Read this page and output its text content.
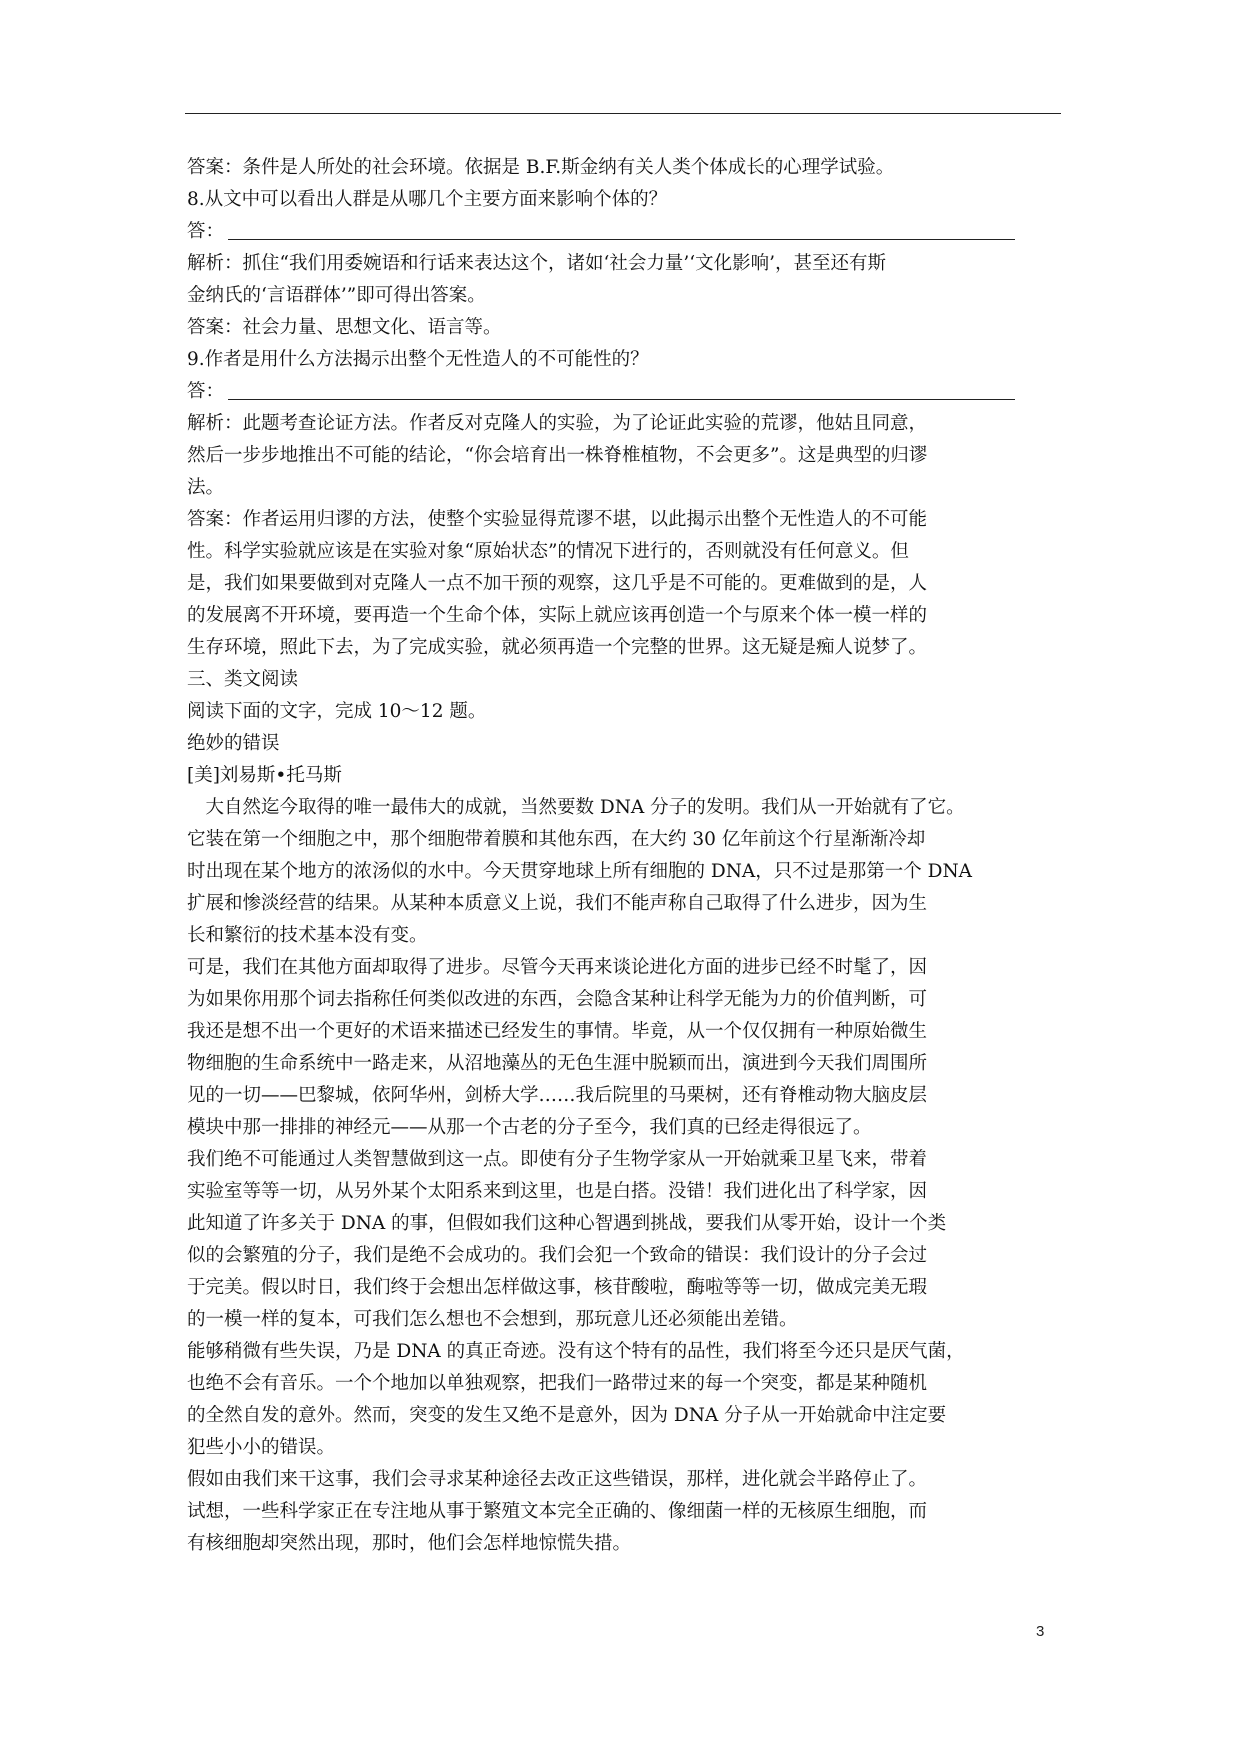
答案：条件是人所处的社会环境。依据是 B.F.斯金纳有关人类个体成长的心理学试验。
8.从文中可以看出人群是从哪几个主要方面来影响个体的？
答：
解析：抓住“我们用委婉语和行话来表达这个，诸如‘社会力量’‘文化影响’，甚至还有斯
金纳氏的‘言语群体’”即可得出答案。
答案：社会力量、思想文化、语言等。
9.作者是用什么方法揭示出整个无性造人的不可能性的？
答：
解析：此题考查论证方法。作者反对克隆人的实验，为了论证此实验的荒谬，他姑且同意，
然后一步步地推出不可能的结论，“你会培育出一株脊椎植物，不会更多”。这是典型的归谬
法。
答案：作者运用归谬的方法，使整个实验显得荒谬不堪，以此揭示出整个无性造人的不可能
性。科学实验就应该是在实验对象“原始状态”的情况下进行的，否则就没有任何意义。但
是，我们如果要做到对克隆人一点不加干预的观察，这几乎是不可能的。更难做到的是，人
的发展离不开环境，要再造一个生命个体，实际上就应该再创造一个与原来个体一模一样的
生存环境，照此下去，为了完成实验，就必须再造一个完整的世界。这无疑是痴人说梦了。
三、类文阅读
阅读下面的文字，完成 10～12 题。
绝妙的错误
[美]刘易斯•托马斯
　大自然迄今取得的唯一最伟大的成就，当然要数 DNA 分子的发明。我们从一开始就有了它。
它装在第一个细胞之中，那个细胞带着膜和其他东西，在大约 30 亿年前这个行星渐渐冷却
时出现在某个地方的浓汤似的水中。今天贯穿地球上所有细胞的 DNA，只不过是那第一个 DNA
扩展和惨淡经营的结果。从某种本质意义上说，我们不能声称自己取得了什么进步，因为生
长和繁衍的技术基本没有变。
可是，我们在其他方面却取得了进步。尽管今天再来谈论进化方面的进步已经不时髦了，因
为如果你用那个词去指称任何类似改进的东西，会隐含某种让科学无能为力的价值判断，可
我还是想不出一个更好的术语来描述已经发生的事情。毕竟，从一个仅仅拥有一种原始微生
物细胞的生命系统中一路走来，从沼地藻丛的无色生涯中脱颖而出，演进到今天我们周围所
见的一切——巴黎城，依阿华州，剑桥大学……我后院里的马栗树，还有脊椎动物大脑皮层
模块中那一排排的神经元——从那一个古老的分子至今，我们真的已经走得很远了。
我们绝不可能通过人类智慧做到这一点。即使有分子生物学家从一开始就乘卫星飞来，带着
实验室等等一切，从另外某个太阳系来到这里，也是白搭。没错！我们进化出了科学家，因
此知道了许多关于 DNA 的事，但假如我们这种心智遇到挑战，要我们从零开始，设计一个类
似的会繁殖的分子，我们是绝不会成功的。我们会犯一个致命的错误：我们设计的分子会过
于完美。假以时日，我们终于会想出怎样做这事，核苷酸啦，酶啦等等一切，做成完美无瑕
的一模一样的复本，可我们怎么想也不会想到，那玩意儿还必须能出差错。
能够稍微有些失误，乃是 DNA 的真正奇迹。没有这个特有的品性，我们将至今还只是厌气菌，
也绝不会有音乐。一个个地加以单独观察，把我们一路带过来的每一个突变，都是某种随机
的全然自发的意外。然而，突变的发生又绝不是意外，因为 DNA 分子从一开始就命中注定要
犯些小小的错误。
假如由我们来干这事，我们会寻求某种途径去改正这些错误，那样，进化就会半路停止了。
试想，一些科学家正在专注地从事于繁殖文本完全正确的、像细菌一样的无核原生细胞，而
有核细胞却突然出现，那时，他们会怎样地惊慌失措。
3
